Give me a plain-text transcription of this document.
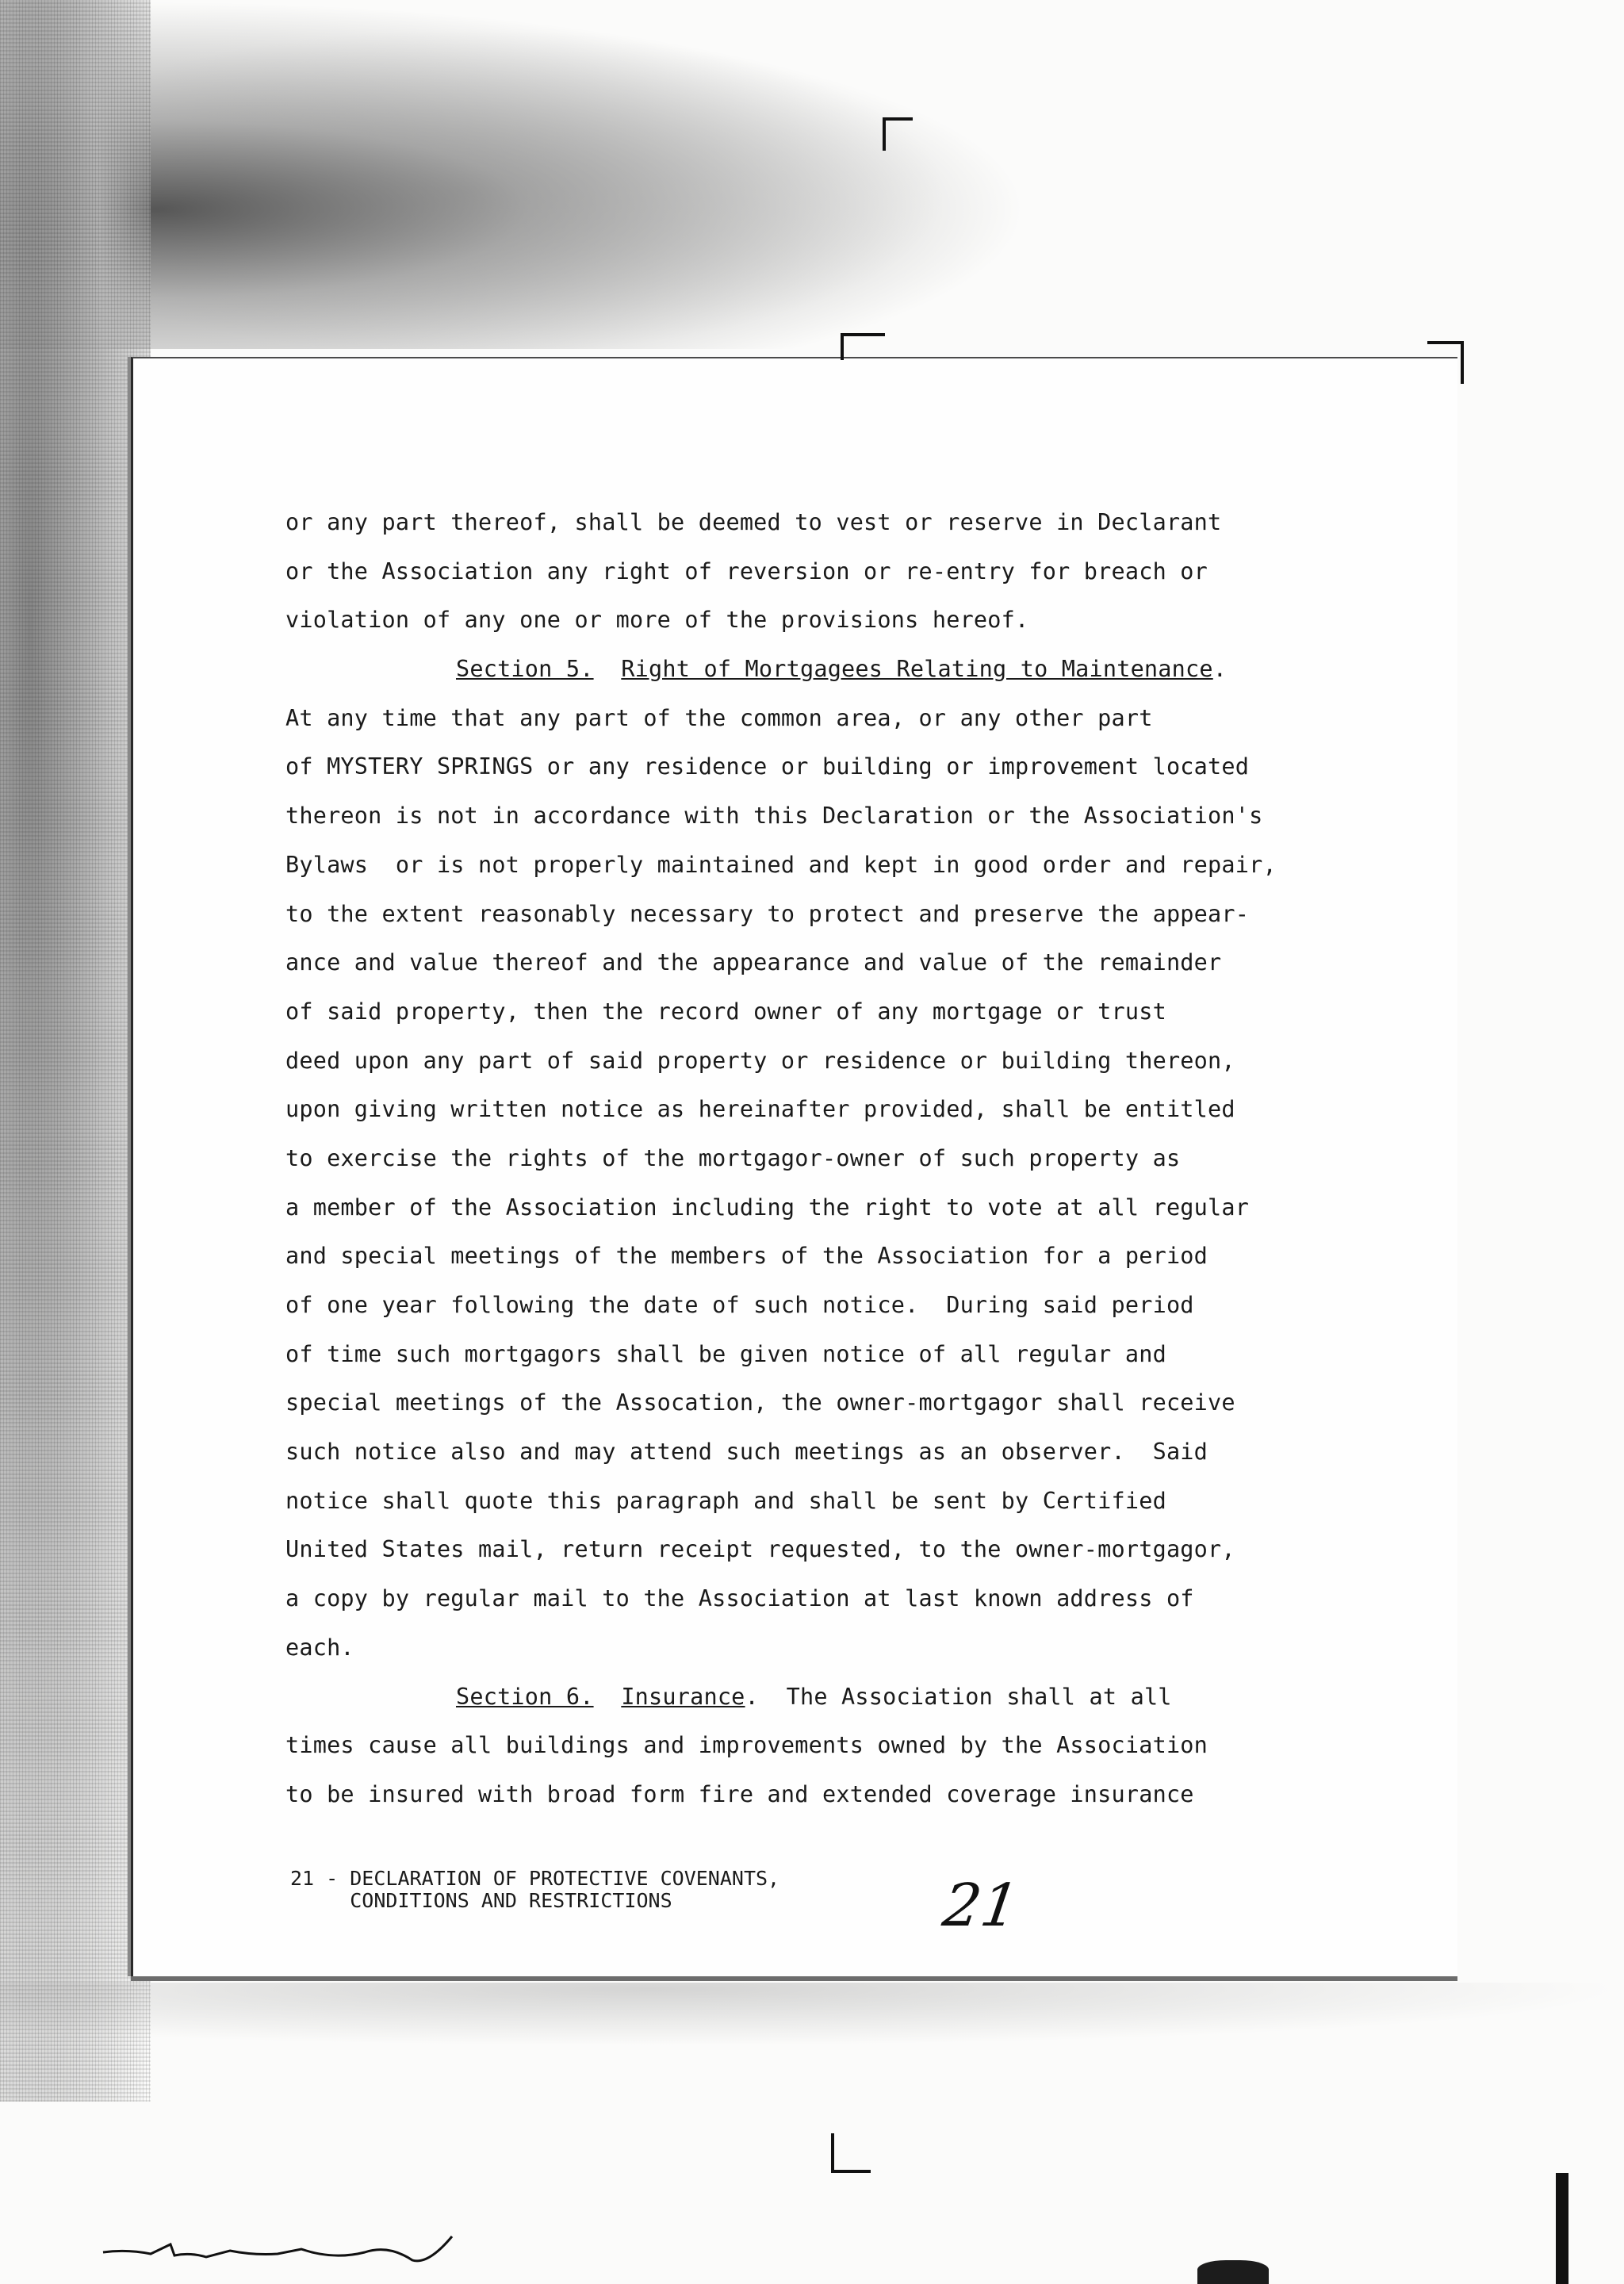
or any part thereof, shall be deemed to vest or reserve in Declarant
or the Association any right of reversion or re-entry for breach or
violation of any one or more of the provisions hereof.
Section 5. Right of Mortgagees Relating to Maintenance.
At any time that any part of the common area, or any other part
of MYSTERY SPRINGS or any residence or building or improvement located
thereon is not in accordance with this Declaration or the Association's
Bylaws  or is not properly maintained and kept in good order and repair,
to the extent reasonably necessary to protect and preserve the appear-
ance and value thereof and the appearance and value of the remainder
of said property, then the record owner of any mortgage or trust
deed upon any part of said property or residence or building thereon,
upon giving written notice as hereinafter provided, shall be entitled
to exercise the rights of the mortgagor-owner of such property as
a member of the Association including the right to vote at all regular
and special meetings of the members of the Association for a period
of one year following the date of such notice.  During said period
of time such mortgagors shall be given notice of all regular and
special meetings of the Assocation, the owner-mortgagor shall receive
such notice also and may attend such meetings as an observer.  Said
notice shall quote this paragraph and shall be sent by Certified
United States mail, return receipt requested, to the owner-mortgagor,
a copy by regular mail to the Association at last known address of
each.
Section 6. Insurance.  The Association shall at all
times cause all buildings and improvements owned by the Association
to be insured with broad form fire and extended coverage insurance
21 - DECLARATION OF PROTECTIVE COVENANTS,
CONDITIONS AND RESTRICTIONS	21
